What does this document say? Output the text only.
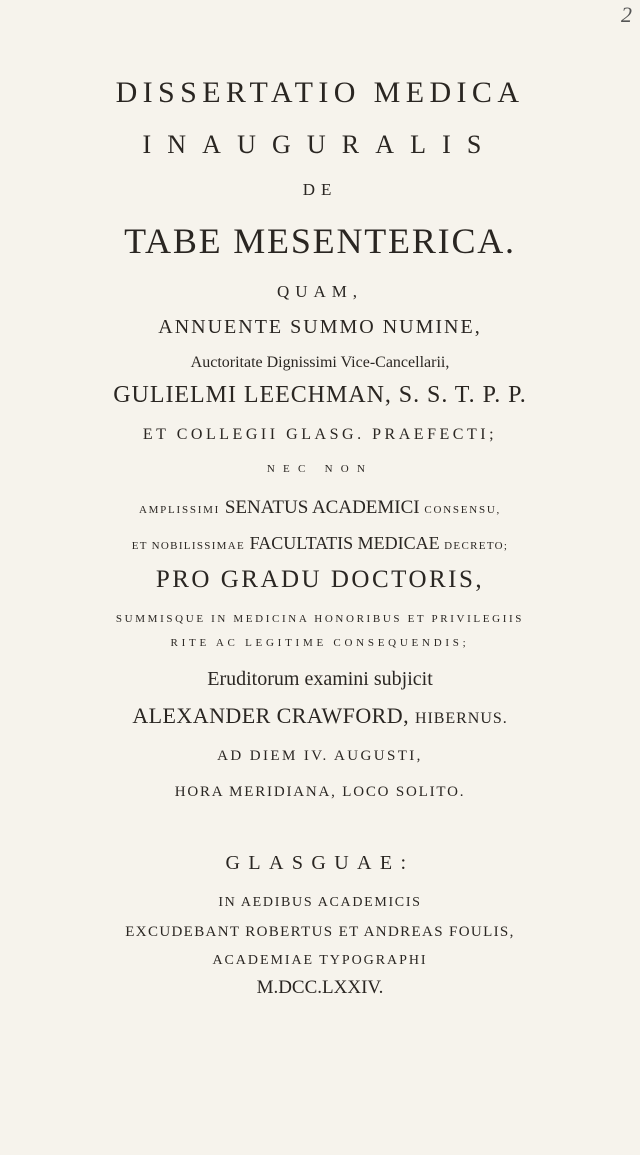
2
DISSERTATIO MEDICA
INAUGURALIS
DE
TABE MESENTERICA.
QUAM,
ANNUENTE SUMMO NUMINE,
Auctoritate Dignissimi Vice-Cancellarii,
GULIELMI LEECHMAN, S. S. T. P. P.
ET COLLEGII GLASG. PRAEFECTI;
NEC NON
AMPLISSIMI SENATUS ACADEMICI CONSENSU,
ET NOBILISSIMAE FACULTATIS MEDICAE DECRETO;
PRO GRADU DOCTORIS,
SUMMISQUE IN MEDICINA HONORIBUS ET PRIVILEGIIS
RITE AC LEGITIME CONSEQUENDIS;
Eruditorum examini subjicit
ALEXANDER CRAWFORD, HIBERNUS.
AD DIEM IV. AUGUSTI,
HORA MERIDIANA, LOCO SOLITO.
GLASGUAE:
IN AEDIBUS ACADEMICIS
EXCUDEBANT ROBERTUS ET ANDREAS FOULIS,
ACADEMIAE TYPOGRAPHI
M.DCC.LXXIV.
